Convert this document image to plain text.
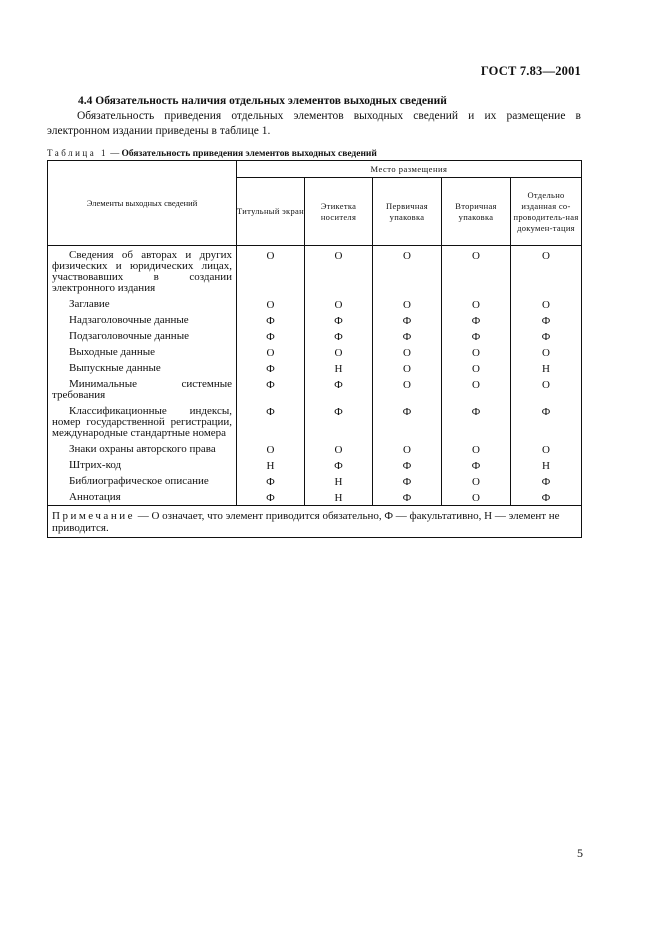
ГОСТ 7.83—2001
4.4 Обязательность наличия отдельных элементов выходных сведений
Обязательность приведения отдельных элементов выходных сведений и их размещение в электронном издании приведены в таблице 1.
Таблица 1 — Обязательность приведения элементов выходных сведений
Элементы выходных сведений	Место размещения				
	Титульный экран	Этикетка носителя	Первичная упаковка	Вторичная упаковка	Отдельно изданная со-проводитель-ная докумен-тация
Сведения об авторах и других физических и юридических лицах, участвовавших в создании электронного издания	О	О	О	О	О
Заглавие	О	О	О	О	О
Надзаголовочные данные	Ф	Ф	Ф	Ф	Ф
Подзаголовочные данные	Ф	Ф	Ф	Ф	Ф
Выходные данные	О	О	О	О	О
Выпускные данные	Ф	Н	О	О	Н
Минимальные системные требования	Ф	Ф	О	О	О
Классификационные индексы, номер государственной регистрации, международные стандартные номера	Ф	Ф	Ф	Ф	Ф
Знаки охраны авторского права	О	О	О	О	О
Штрих-код	Н	Ф	Ф	Ф	Н
Библиографическое описание	Ф	Н	Ф	О	Ф
Аннотация	Ф	Н	Ф	О	Ф
Примечание — О означает, что элемент приводится обязательно, Ф — факультативно, Н — элемент не приводится.					
5
